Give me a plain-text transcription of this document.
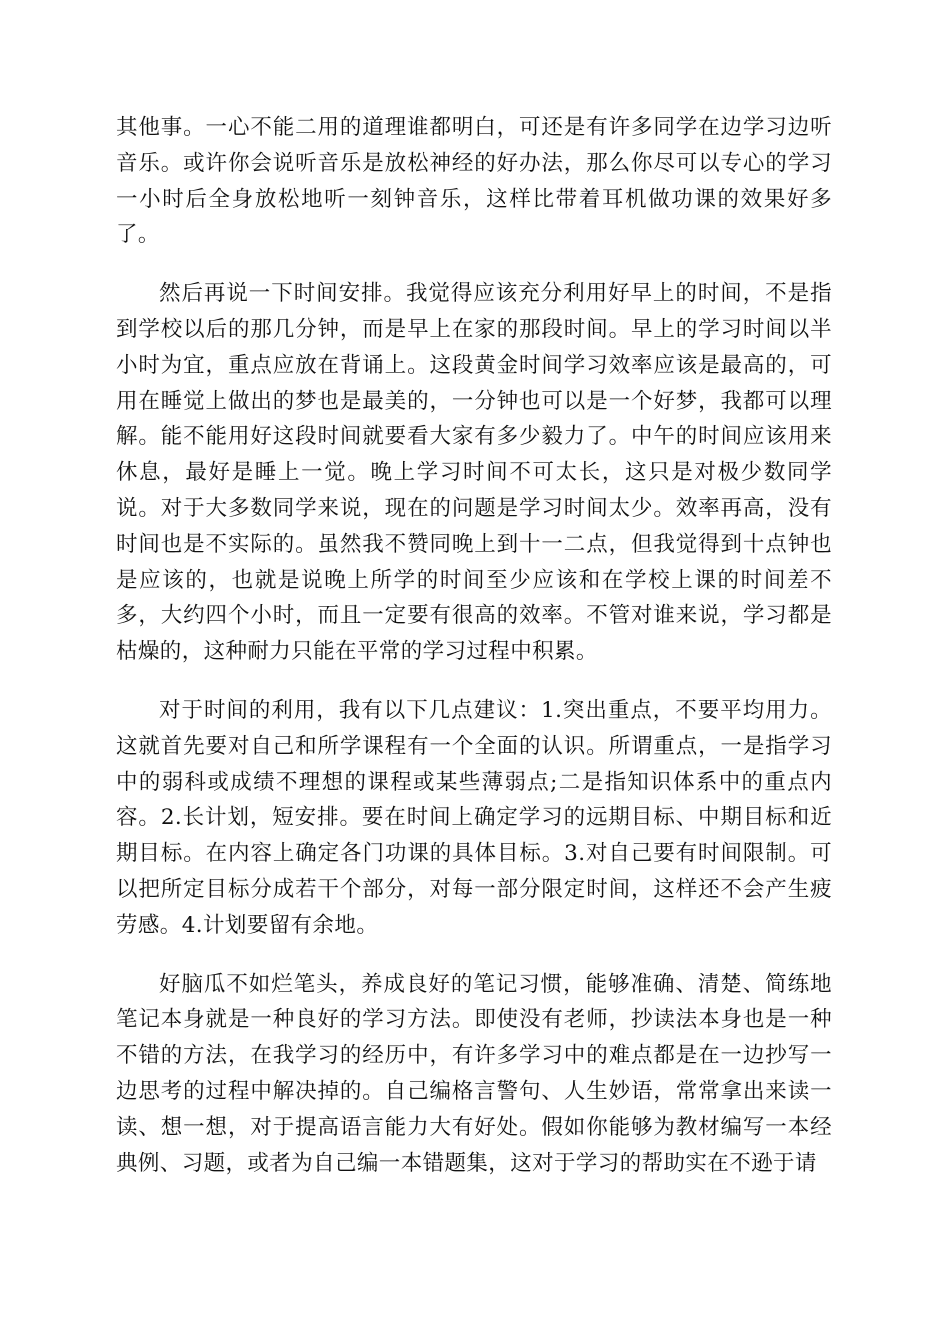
其他事。一心不能二用的道理谁都明白，可还是有许多同学在边学习边听音乐。或许你会说听音乐是放松神经的好办法，那么你尽可以专心的学习一小时后全身放松地听一刻钟音乐，这样比带着耳机做功课的效果好多了。

然后再说一下时间安排。我觉得应该充分利用好早上的时间，不是指到学校以后的那几分钟，而是早上在家的那段时间。早上的学习时间以半小时为宜，重点应放在背诵上。这段黄金时间学习效率应该是最高的，可用在睡觉上做出的梦也是最美的，一分钟也可以是一个好梦，我都可以理解。能不能用好这段时间就要看大家有多少毅力了。中午的时间应该用来休息，最好是睡上一觉。晚上学习时间不可太长，这只是对极少数同学说。对于大多数同学来说，现在的问题是学习时间太少。效率再高，没有时间也是不实际的。虽然我不赞同晚上到十一二点，但我觉得到十点钟也是应该的，也就是说晚上所学的时间至少应该和在学校上课的时间差不多，大约四个小时，而且一定要有很高的效率。不管对谁来说，学习都是枯燥的，这种耐力只能在平常的学习过程中积累。

对于时间的利用，我有以下几点建议：1.突出重点，不要平均用力。这就首先要对自己和所学课程有一个全面的认识。所谓重点，一是指学习中的弱科或成绩不理想的课程或某些薄弱点;二是指知识体系中的重点内容。2.长计划，短安排。要在时间上确定学习的远期目标、中期目标和近期目标。在内容上确定各门功课的具体目标。3.对自己要有时间限制。可以把所定目标分成若干个部分，对每一部分限定时间，这样还不会产生疲劳感。4.计划要留有余地。

好脑瓜不如烂笔头，养成良好的笔记习惯，能够准确、清楚、简练地笔记本身就是一种良好的学习方法。即使没有老师，抄读法本身也是一种不错的方法，在我学习的经历中，有许多学习中的难点都是在一边抄写一边思考的过程中解决掉的。自己编格言警句、人生妙语，常常拿出来读一读、想一想，对于提高语言能力大有好处。假如你能够为教材编写一本经典例、习题，或者为自己编一本错题集，这对于学习的帮助实在不逊于请
